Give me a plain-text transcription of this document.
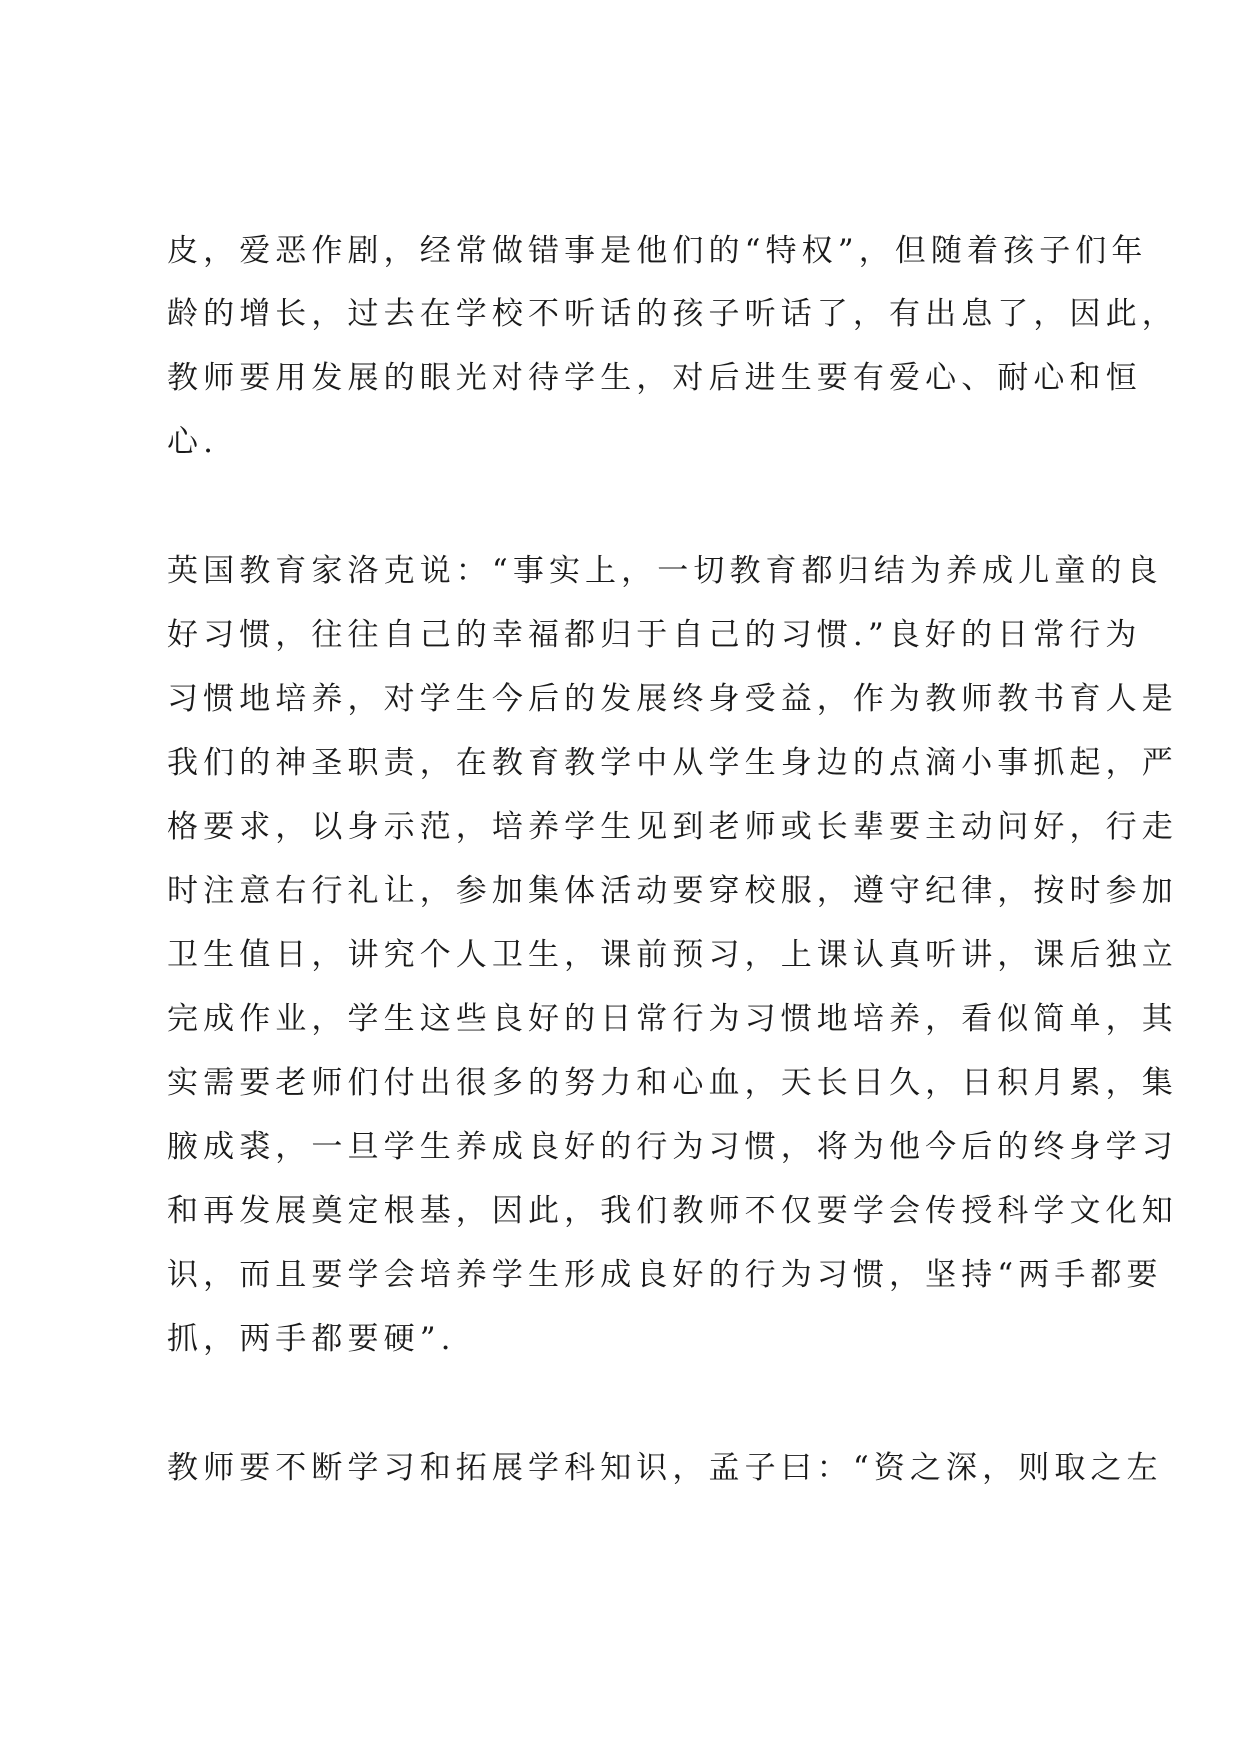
皮，爱恶作剧，经常做错事是他们的“特权”，但随着孩子们年
龄的增长，过去在学校不听话的孩子听话了，有出息了，因此，
教师要用发展的眼光对待学生，对后进生要有爱心、耐心和恒
心.
英国教育家洛克说：“事实上，一切教育都归结为养成儿童的良
好习惯，往往自己的幸福都归于自己的习惯.”良好的日常行为
习惯地培养，对学生今后的发展终身受益，作为教师教书育人是
我们的神圣职责，在教育教学中从学生身边的点滴小事抓起，严
格要求，以身示范，培养学生见到老师或长辈要主动问好，行走
时注意右行礼让，参加集体活动要穿校服，遵守纪律，按时参加
卫生值日，讲究个人卫生，课前预习，上课认真听讲，课后独立
完成作业，学生这些良好的日常行为习惯地培养，看似简单，其
实需要老师们付出很多的努力和心血，天长日久，日积月累，集
腋成裘，一旦学生养成良好的行为习惯，将为他今后的终身学习
和再发展奠定根基，因此，我们教师不仅要学会传授科学文化知
识，而且要学会培养学生形成良好的行为习惯，坚持“两手都要
抓，两手都要硬”.
教师要不断学习和拓展学科知识，孟子曰：“资之深，则取之左
